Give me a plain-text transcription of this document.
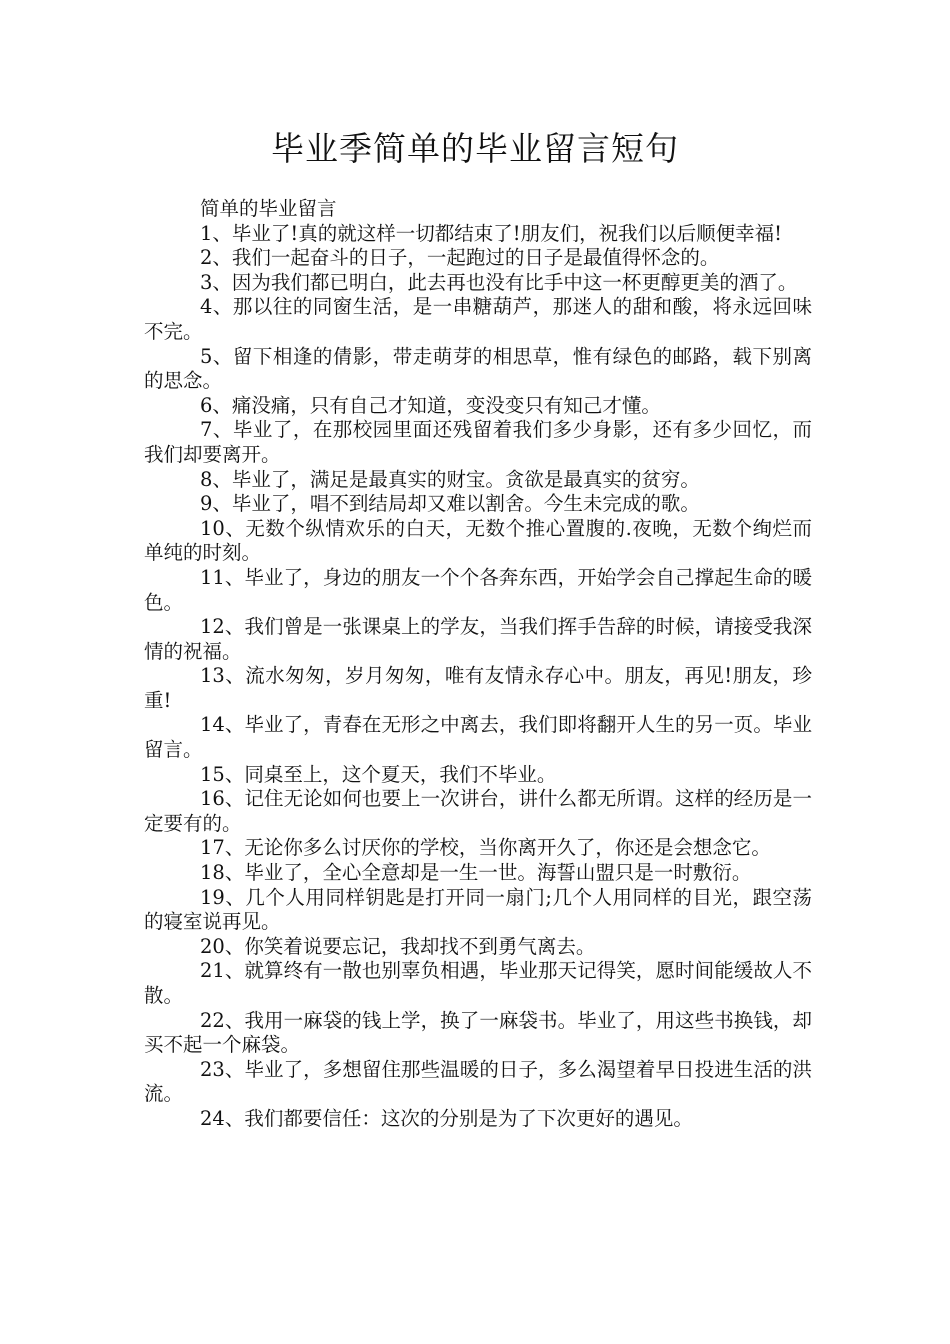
毕业季简单的毕业留言短句

简单的毕业留言

1、毕业了!真的就这样一切都结束了!朋友们，祝我们以后顺便幸福!

2、我们一起奋斗的日子，一起跑过的日子是最值得怀念的。

3、因为我们都已明白，此去再也没有比手中这一杯更醇更美的酒了。

4、那以往的同窗生活，是一串糖葫芦，那迷人的甜和酸，将永远回味不完。

5、留下相逢的倩影，带走萌芽的相思草，惟有绿色的邮路，载下别离的思念。

6、痛没痛，只有自己才知道，变没变只有知己才懂。

7、毕业了，在那校园里面还残留着我们多少身影，还有多少回忆，而我们却要离开。

8、毕业了，满足是最真实的财宝。贪欲是最真实的贫穷。

9、毕业了，唱不到结局却又难以割舍。今生未完成的歌。

10、无数个纵情欢乐的白天，无数个推心置腹的.夜晚，无数个绚烂而单纯的时刻。

11、毕业了，身边的朋友一个个各奔东西，开始学会自己撑起生命的暖色。

12、我们曾是一张课桌上的学友，当我们挥手告辞的时候，请接受我深情的祝福。

13、流水匆匆，岁月匆匆，唯有友情永存心中。朋友，再见!朋友，珍重!

14、毕业了，青春在无形之中离去，我们即将翻开人生的另一页。毕业留言。

15、同桌至上，这个夏天，我们不毕业。

16、记住无论如何也要上一次讲台，讲什么都无所谓。这样的经历是一定要有的。

17、无论你多么讨厌你的学校，当你离开久了，你还是会想念它。

18、毕业了，全心全意却是一生一世。海誓山盟只是一时敷衍。

19、几个人用同样钥匙是打开同一扇门;几个人用同样的目光，跟空荡的寝室说再见。

20、你笑着说要忘记，我却找不到勇气离去。

21、就算终有一散也别辜负相遇，毕业那天记得笑，愿时间能缓故人不散。

22、我用一麻袋的钱上学，换了一麻袋书。毕业了，用这些书换钱，却买不起一个麻袋。

23、毕业了，多想留住那些温暖的日子，多么渴望着早日投进生活的洪流。

24、我们都要信任：这次的分别是为了下次更好的遇见。
